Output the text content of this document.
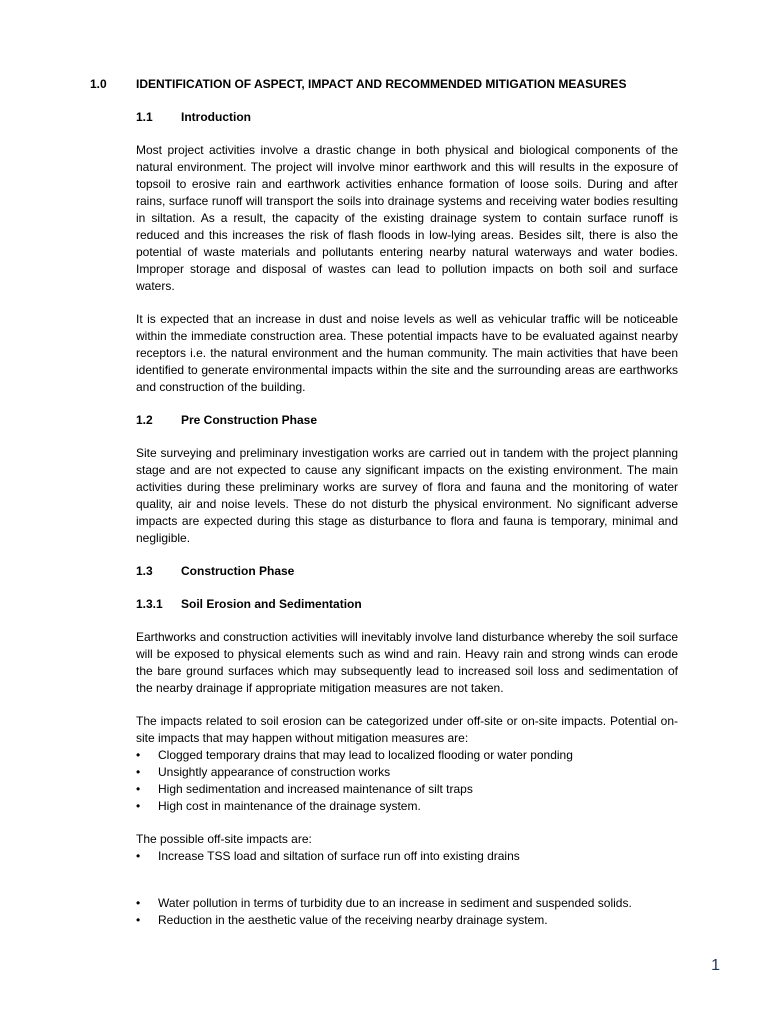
1.0 IDENTIFICATION OF ASPECT, IMPACT AND RECOMMENDED MITIGATION MEASURES
1.1	Introduction

Most project activities involve a drastic change in both physical and biological components of the natural environment. The project will involve minor earthwork and this will results in the exposure of topsoil to erosive rain and earthwork activities enhance formation of loose soils. During and after rains, surface runoff will transport the soils into drainage systems and receiving water bodies resulting in siltation. As a result, the capacity of the existing drainage system to contain surface runoff is reduced and this increases the risk of flash floods in low-lying areas. Besides silt, there is also the potential of waste materials and pollutants entering nearby natural waterways and water bodies. Improper storage and disposal of wastes can lead to pollution impacts on both soil and surface waters.

It is expected that an increase in dust and noise levels as well as vehicular traffic will be noticeable within the immediate construction area. These potential impacts have to be evaluated against nearby receptors i.e. the natural environment and the human community. The main activities that have been identified to generate environmental impacts within the site and the surrounding areas are earthworks and construction of the building.

1.2	Pre Construction Phase

Site surveying and preliminary investigation works are carried out in tandem with the project planning stage and are not expected to cause any significant impacts on the existing environment. The main activities during these preliminary works are survey of flora and fauna and the monitoring of water quality, air and noise levels. These do not disturb the physical environment. No significant adverse impacts are expected during this stage as disturbance to flora and fauna is temporary, minimal and negligible.

1.3	Construction Phase
1.3.1	Soil Erosion and Sedimentation

Earthworks and construction activities will inevitably involve land disturbance whereby the soil surface will be exposed to physical elements such as wind and rain. Heavy rain and strong winds can erode the bare ground surfaces which may subsequently lead to increased soil loss and sedimentation of the nearby drainage if appropriate mitigation measures are not taken.

The impacts related to soil erosion can be categorized under off-site or on-site impacts. Potential on-site impacts that may happen without mitigation measures are:

•	Clogged temporary drains that may lead to localized flooding or water ponding
•	Unsightly appearance of construction works
•	High sedimentation and increased maintenance of silt traps
•	High cost in maintenance of the drainage system.

The possible off-site impacts are:

•	Increase TSS load and siltation of surface run off into existing drains
•	Water pollution in terms of turbidity due to an increase in sediment and suspended solids.
•	Reduction in the aesthetic value of the receiving nearby drainage system.
1
